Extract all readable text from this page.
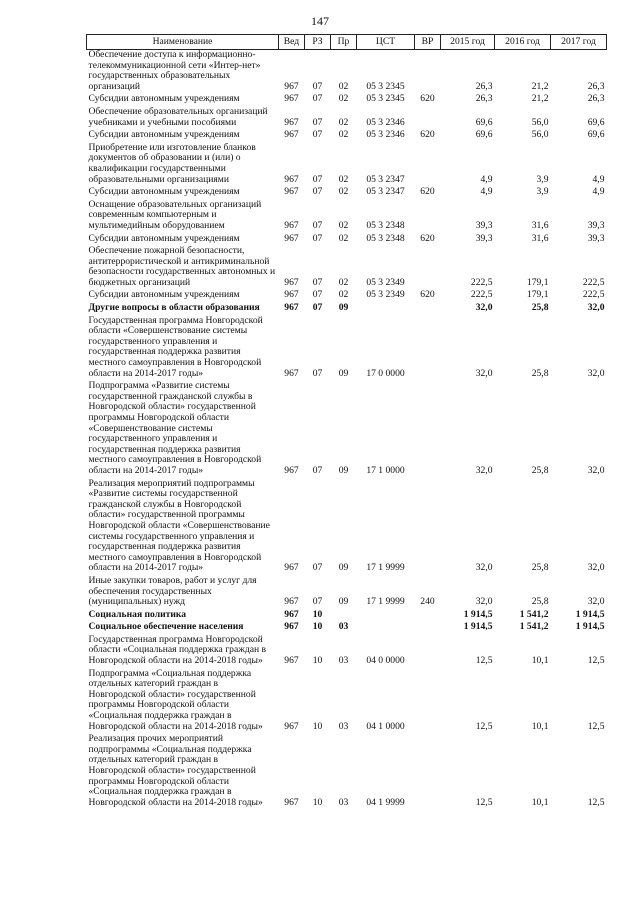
147
Наименование	Вед	РЗ	Пр	ЦСТ	ВР	2015 год	2016 год	2017 год

Обеспечение доступа к информационно-телекоммуникационной сети «Интер-нет» государственных образовательных организаций	967	07	02	05 3 2345		26,3	21,2	26,3

Субсидии автономным учреждениям	967	07	02	05 3 2345	620	26,3	21,2	26,3

Обеспечение образовательных организаций учебниками и учебными пособиями	967	07	02	05 3 2346		69,6	56,0	69,6

Субсидии автономным учреждениям	967	07	02	05 3 2346	620	69,6	56,0	69,6

Приобретение или изготовление бланков документов об образовании и (или) о квалификации государственными образовательными организациями	967	07	02	05 3 2347		4,9	3,9	4,9

Субсидии автономным учреждениям	967	07	02	05 3 2347	620	4,9	3,9	4,9

Оснащение образовательных организаций современным компьютерным и мультимедийным оборудованием	967	07	02	05 3 2348		39,3	31,6	39,3

Субсидии автономным учреждениям	967	07	02	05 3 2348	620	39,3	31,6	39,3

Обеспечение пожарной безопасности, антитеррористической и антикриминальной безопасности государственных автономных и бюджетных организаций	967	07	02	05 3 2349		222,5	179,1	222,5

Субсидии автономным учреждениям	967	07	02	05 3 2349	620	222,5	179,1	222,5

Другие вопросы в области образования	967	07	09			32,0	25,8	32,0

Государственная программа Новгородской области «Совершенствование системы государственного управления и государственная поддержка развития местного самоуправления в Новгородской области на 2014-2017 годы»	967	07	09	17 0 0000		32,0	25,8	32,0

Подпрограмма «Развитие системы государственной гражданской службы в Новгородской области» государственной программы Новгородской области «Совершенствование системы государственного управления и государственная поддержка развития местного самоуправления в Новгородской области на 2014-2017 годы»	967	07	09	17 1 0000		32,0	25,8	32,0

Реализация мероприятий подпрограммы «Развитие системы государственной гражданской службы в Новгородской области» государственной программы Новгородской области «Совершенствование системы государственного управления и государственная поддержка развития местного самоуправления в Новгородской области на 2014-2017 годы»	967	07	09	17 1 9999		32,0	25,8	32,0

Иные закупки товаров, работ и услуг для обеспечения государственных (муниципальных) нужд	967	07	09	17 1 9999	240	32,0	25,8	32,0

Социальная политика	967	10				1 914,5	1 541,2	1 914,5

Социальное обеспечение населения	967	10	03			1 914,5	1 541,2	1 914,5

Государственная программа Новгородской области «Социальная поддержка граждан в Новгородской области на 2014-2018 годы»	967	10	03	04 0 0000		12,5	10,1	12,5

Подпрограмма «Социальная поддержка отдельных категорий граждан в Новгородской области» государственной программы Новгородской области «Социальная поддержка граждан в Новгородской области на 2014-2018 годы»	967	10	03	04 1 0000		12,5	10,1	12,5

Реализация прочих мероприятий подпрограммы «Социальная поддержка отдельных категорий граждан в Новгородской области» государственной программы Новгородской области «Социальная поддержка граждан в Новгородской области на 2014-2018 годы»	967	10	03	04 1 9999		12,5	10,1	12,5
